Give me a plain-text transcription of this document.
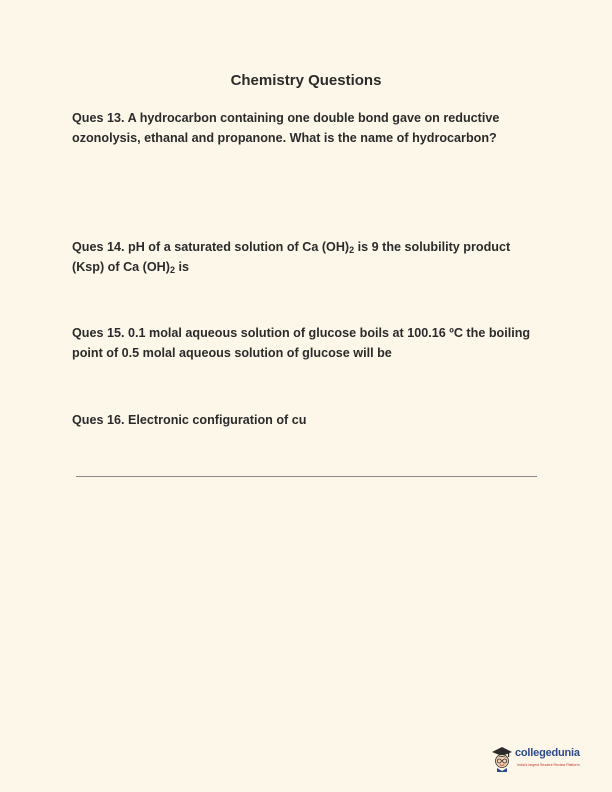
Chemistry Questions
Ques 13. A hydrocarbon containing one double bond gave on reductive ozonolysis, ethanal and propanone. What is the name of hydrocarbon?
Ques 14. pH of a saturated solution of Ca $(OH)_2$ is 9 the solubility product (Ksp) of Ca $(OH)_2$ is
Ques 15. 0.1 molal aqueous solution of glucose boils at 100.16 ºC the boiling point of 0.5 molal aqueous solution of glucose will be
Ques 16. Electronic configuration of cu
collegedunia
India's largest Student Review Platform
